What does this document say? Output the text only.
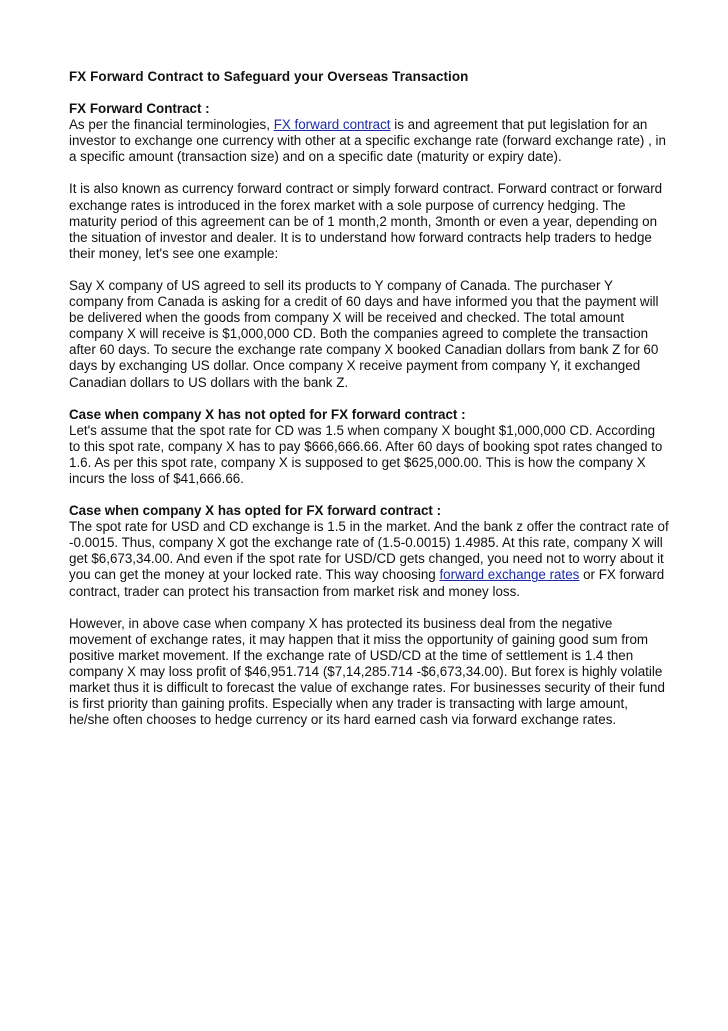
FX Forward Contract to Safeguard your Overseas Transaction
FX Forward Contract :

As per the financial terminologies, FX forward contract is and agreement that put legislation for an investor to exchange one currency with other at a specific exchange rate (forward exchange rate) , in a specific amount (transaction size) and on a specific date (maturity or expiry date).

It is also known as currency forward contract or simply forward contract. Forward contract or forward exchange rates is introduced in the forex market with a sole purpose of currency hedging. The maturity period of this agreement can be of 1 month,2 month, 3month or even a year, depending on the situation of investor and dealer. It is to understand how forward contracts help traders to hedge their money, let's see one example:

Say X company of US agreed to sell its products to Y company of Canada. The purchaser Y company from Canada is asking for a credit of 60 days and have informed you that the payment will be delivered when the goods from company X will be received and checked. The total amount company X will receive is $1,000,000 CD. Both the companies agreed to complete the transaction after 60 days. To secure the exchange rate company X booked Canadian dollars from bank Z for 60 days by exchanging US dollar. Once company X receive payment from company Y, it exchanged Canadian dollars to US dollars with the bank Z.

Case when company X has not opted for FX forward contract :

Let's assume that the spot rate for CD was 1.5 when company X bought $1,000,000 CD. According to this spot rate, company X has to pay $666,666.66. After 60 days of booking spot rates changed to 1.6. As per this spot rate, company X is supposed to get $625,000.00. This is how the company X incurs the loss of $41,666.66.

Case when company X has opted for FX forward contract :

The spot rate for USD and CD exchange is 1.5 in the market. And the bank z offer the contract rate of -0.0015. Thus, company X got the exchange rate of (1.5-0.0015) 1.4985. At this rate, company X will get $6,673,34.00. And even if the spot rate for USD/CD gets changed, you need not to worry about it you can get the money at your locked rate. This way choosing forward exchange rates or FX forward contract, trader can protect his transaction from market risk and money loss.

However, in above case when company X has protected its business deal from the negative movement of exchange rates, it may happen that it miss the opportunity of gaining good sum from positive market movement. If the exchange rate of USD/CD at the time of settlement is 1.4 then company X may loss profit of $46,951.714 ($7,14,285.714 -$6,673,34.00). But forex is highly volatile market thus it is difficult to forecast the value of exchange rates. For businesses security of their fund is first priority than gaining profits. Especially when any trader is transacting with large amount, he/she often chooses to hedge currency or its hard earned cash via forward exchange rates.
